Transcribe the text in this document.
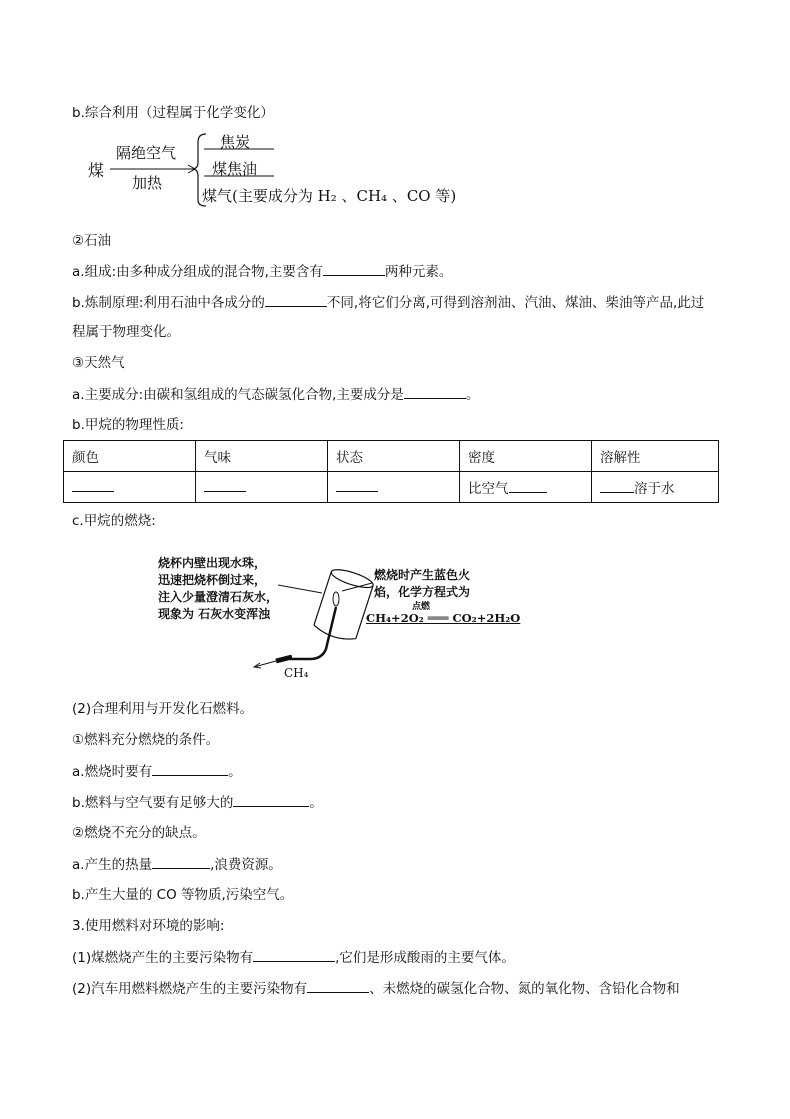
b.综合利用（过程属于化学变化）
煤
隔绝空气
加热
焦炭
煤焦油
煤气(主要成分为 H₂ 、CH₄ 、CO 等)
②石油
a.组成:由多种成分组成的混合物,主要含有	两种元素。
b.炼制原理:利用石油中各成分的	不同,将它们分离,可得到溶剂油、汽油、煤油、柴油等产品,此过
程属于物理变化。
③天然气
a.主要成分:由碳和氢组成的气态碳氢化合物,主要成分是	。
b.甲烷的物理性质:
颜色	气味	状态	密度	溶解性
			比空气	溶于水
c.甲烷的燃烧:
烧杯内壁出现水珠，
迅速把烧杯倒过来，
注入少量澄清石灰水，
现象为 石灰水变浑浊
燃烧时产生蓝色火
焰，化学方程式为
点燃
CH₄+2O₂ ═══ CO₂+2H₂O
CH₄
(2)合理利用与开发化石燃料。
①燃料充分燃烧的条件。
a.燃烧时要有	。
b.燃料与空气要有足够大的	。
②燃烧不充分的缺点。
a.产生的热量	,浪费资源。
b.产生大量的 CO 等物质,污染空气。
3.使用燃料对环境的影响:
(1)煤燃烧产生的主要污染物有	,它们是形成酸雨的主要气体。
(2)汽车用燃料燃烧产生的主要污染物有	、未燃烧的碳氢化合物、氮的氧化物、含铅化合物和
